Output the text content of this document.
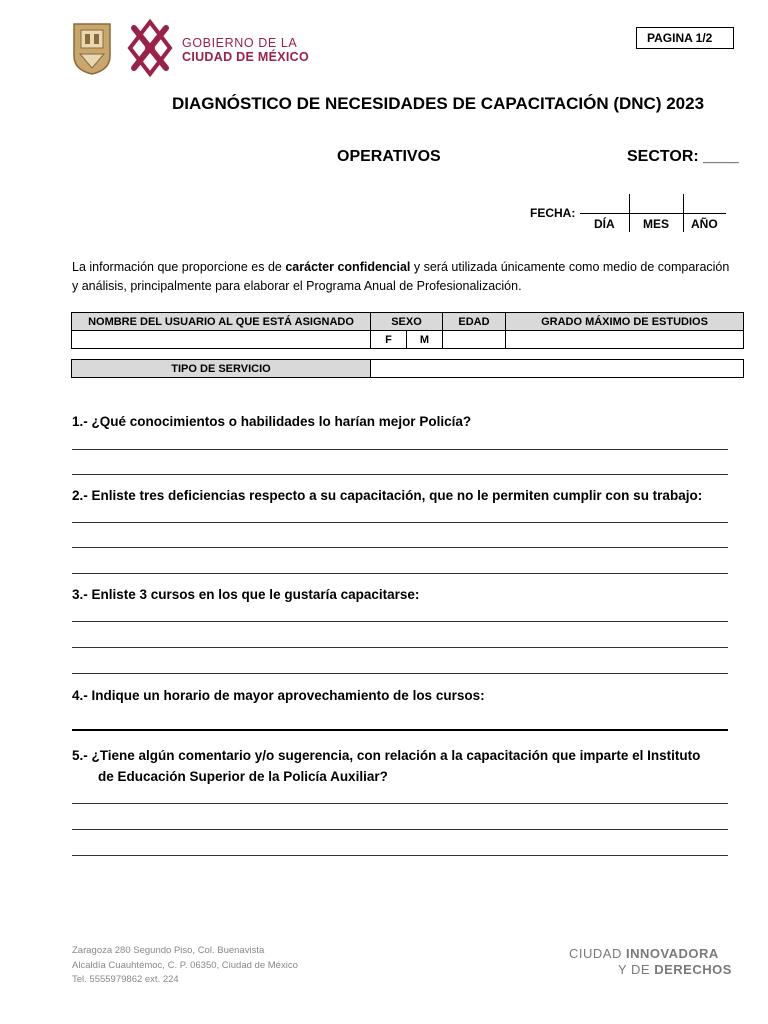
GOBIERNO DE LA
CIUDAD DE MÉXICO
PAGINA 1/2
DIAGNÓSTICO DE NECESIDADES DE CAPACITACIÓN (DNC) 2023
OPERATIVOS	SECTOR: ____
FECHA:
DÍA MES AÑO
La información que proporcione es de carácter confidencial y será utilizada únicamente como medio de comparación y análisis, principalmente para elaborar el Programa Anual de Profesionalización.
NOMBRE DEL USUARIO AL QUE ESTÁ ASIGNADO	SEXO		EDAD	GRADO MÁXIMO DE ESTUDIOS
	F	M		
TIPO DE SERVICIO	
1.- ¿Qué conocimientos o habilidades lo harían mejor Policía?
2.- Enliste tres deficiencias respecto a su capacitación, que no le permiten cumplir con su trabajo:
3.- Enliste 3 cursos en los que le gustaría capacitarse:
4.- Indique un horario de mayor aprovechamiento de los cursos:
5.- ¿Tiene algún comentario y/o sugerencia, con relación a la capacitación que imparte el Instituto
de Educación Superior de la Policía Auxiliar?
Zaragoza 280 Segundo Piso, Col. Buenavista
Alcaldía Cuauhtémoc, C. P. 06350, Ciudad de México
Tel. 5555979862 ext. 224
CIUDAD INNOVADORA
Y DE DERECHOS
